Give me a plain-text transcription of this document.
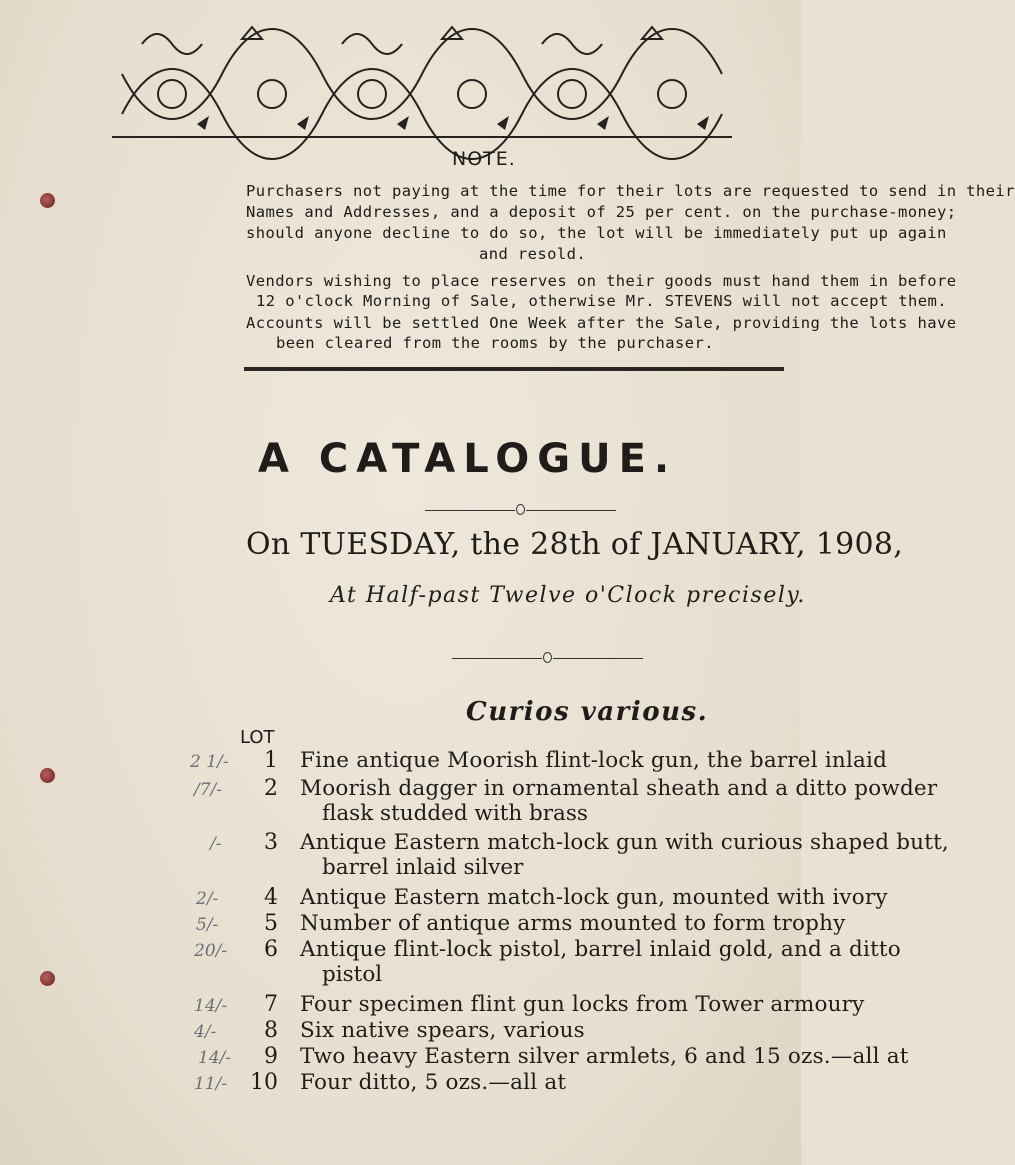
NOTE.
Purchasers not paying at the time for their lots are requested to send in their
Names and Addresses, and a deposit of 25 per cent. on the purchase-money;
should anyone decline to do so, the lot will be immediately put up again
and resold.
Vendors wishing to place reserves on their goods must hand them in before
12 o'clock Morning of Sale, otherwise Mr. STEVENS will not accept them.
Accounts will be settled One Week after the Sale, providing the lots have
been cleared from the rooms by the purchaser.
A CATALOGUE.
On TUESDAY, the 28th of JANUARY, 1908,
At Half-past Twelve o'Clock precisely.
Curios various.
LOT
2 1/-	1 Fine antique Moorish flint-lock gun, the barrel inlaid
/7/-	2 Moorish dagger in ornamental sheath and a ditto powder
flask studded with brass
/-	3 Antique Eastern match-lock gun with curious shaped butt,
barrel inlaid silver
2/-	4 Antique Eastern match-lock gun, mounted with ivory
5/-	5 Number of antique arms mounted to form trophy
20/-	6 Antique flint-lock pistol, barrel inlaid gold, and a ditto
pistol
14/-	7 Four specimen flint gun locks from Tower armoury
4/-	8 Six native spears, various
14/-	9 Two heavy Eastern silver armlets, 6 and 15 ozs.—all at
11/-	10 Four ditto, 5 ozs.—all at
